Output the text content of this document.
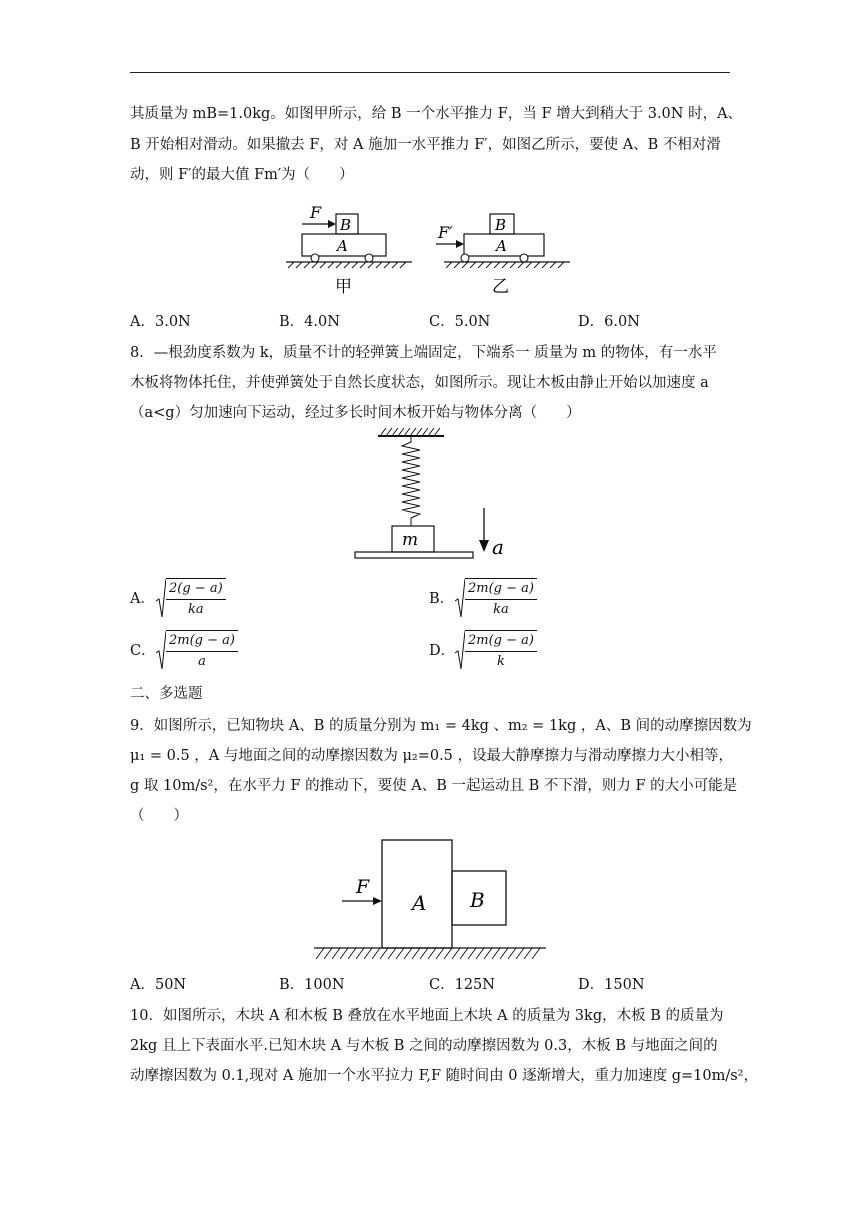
其质量为 mB=1.0kg。如图甲所示，给 B 一个水平推力 F，当 F 增大到稍大于 3.0N 时，A、
B 开始相对滑动。如果撤去 F，对 A 施加一水平推力 F′，如图乙所示，要使 A、B 不相对滑
动，则 F′的最大值 Fm′为（　　）
F
B
A
甲
F′	B
A
乙
A．3.0N	B．4.0N	C．5.0N	D．6.0N
8．—根劲度系数为 k，质量不计的轻弹簧上端固定，下端系一 质量为 m 的物体，有一水平
木板将物体托住，并使弹簧处于自然长度状态，如图所示。现让木板由静止开始以加速度 a
（a<g）匀加速向下运动，经过多长时间木板开始与物体分离（　　）
m	a
A． $\frac{2(g - a)}{ka}$	B． $\frac{2m(g - a)}{ka}$
C． $\frac{2m(g - a)}{a}$	D． $\frac{2m(g - a)}{k}$
二、多选题
9．如图所示，已知物块 A、B 的质量分别为 m₁ = 4kg 、m₂ = 1kg ，A、B 间的动摩擦因数为
μ₁ = 0.5 ，A 与地面之间的动摩擦因数为 μ₂=0.5 ，设最大静摩擦力与滑动摩擦力大小相等，
g 取 10m/s²，在水平力 F 的推动下，要使 A、B 一起运动且 B 不下滑，则力 F 的大小可能是
（　　）
F
A B
A．50N	B．100N	C．125N	D．150N
10．如图所示，木块 A 和木板 B 叠放在水平地面上木块 A 的质量为 3kg，木板 B 的质量为
2kg 且上下表面水平.已知木块 A 与木板 B 之间的动摩擦因数为 0.3，木板 B 与地面之间的
动摩擦因数为 0.1,现对 A 施加一个水平拉力 F,F 随时间由 0 逐渐增大，重力加速度 g=10m/s²，
